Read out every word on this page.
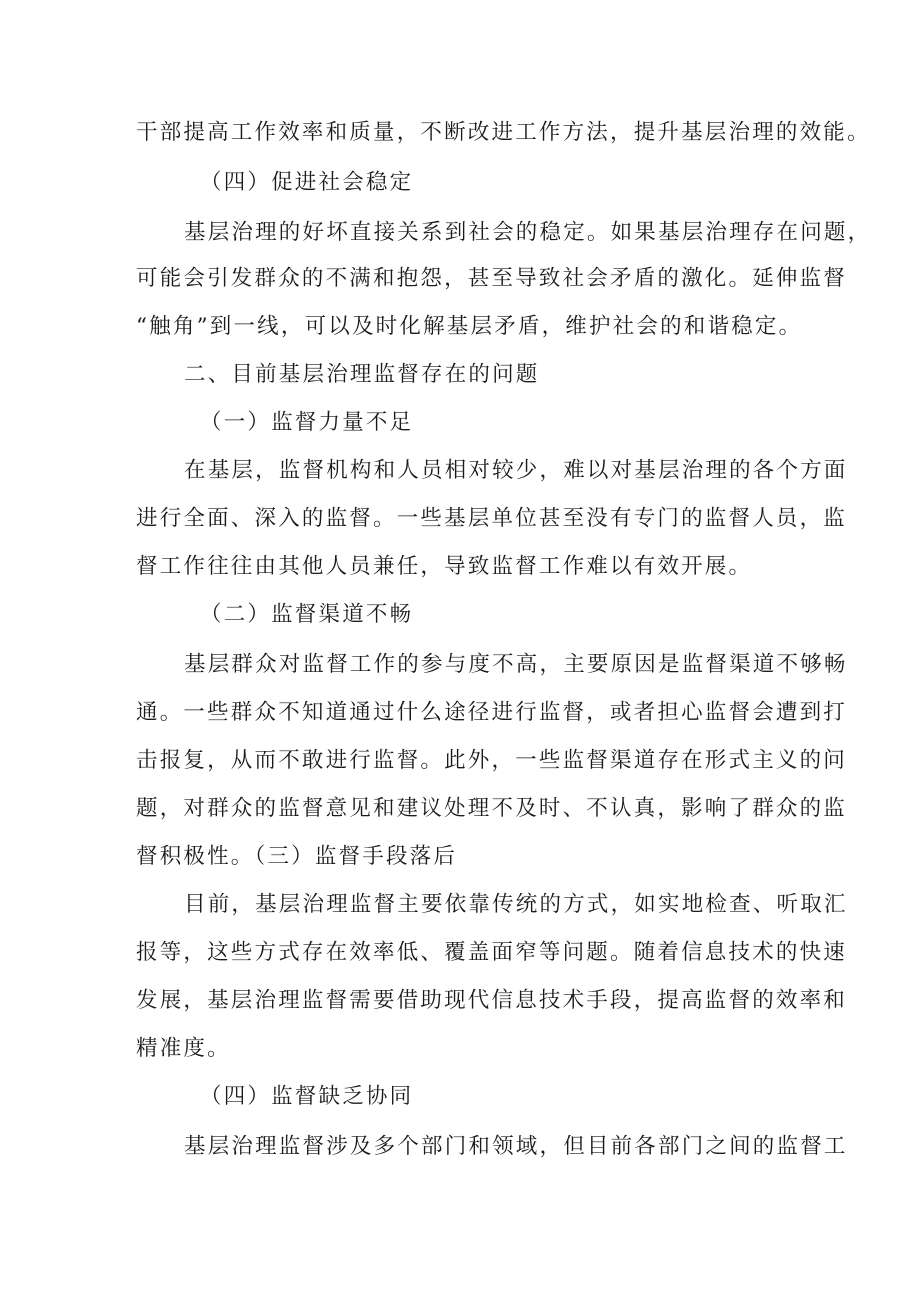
干部提高工作效率和质量，不断改进工作方法，提升基层治理的效能。
（四）促进社会稳定
基层治理的好坏直接关系到社会的稳定。如果基层治理存在问题，
可能会引发群众的不满和抱怨，甚至导致社会矛盾的激化。延伸监督
“触角”到一线，可以及时化解基层矛盾，维护社会的和谐稳定。
二、目前基层治理监督存在的问题
（一）监督力量不足
在基层，监督机构和人员相对较少，难以对基层治理的各个方面
进行全面、深入的监督。一些基层单位甚至没有专门的监督人员，监
督工作往往由其他人员兼任，导致监督工作难以有效开展。
（二）监督渠道不畅
基层群众对监督工作的参与度不高，主要原因是监督渠道不够畅
通。一些群众不知道通过什么途径进行监督，或者担心监督会遭到打
击报复，从而不敢进行监督。此外，一些监督渠道存在形式主义的问
题，对群众的监督意见和建议处理不及时、不认真，影响了群众的监
督积极性。（三）监督手段落后
目前，基层治理监督主要依靠传统的方式，如实地检查、听取汇
报等，这些方式存在效率低、覆盖面窄等问题。随着信息技术的快速
发展，基层治理监督需要借助现代信息技术手段，提高监督的效率和
精准度。
（四）监督缺乏协同
基层治理监督涉及多个部门和领域，但目前各部门之间的监督工
